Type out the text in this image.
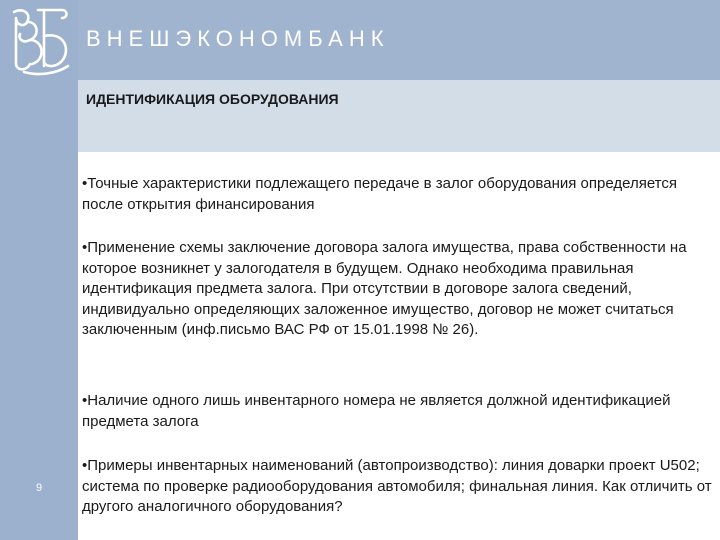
ВНЕШЭКОНОМБАНК
ИДЕНТИФИКАЦИЯ ОБОРУДОВАНИЯ
•Точные характеристики подлежащего передаче в залог оборудования определяется после открытия финансирования
•Применение схемы заключение договора залога имущества, права собственности на которое возникнет у залогодателя в будущем. Однако необходима правильная идентификация предмета залога. При отсутствии в договоре залога сведений, индивидуально определяющих заложенное имущество, договор не может считаться заключенным (инф.письмо ВАС РФ от 15.01.1998 № 26).
•Наличие одного лишь инвентарного номера не является должной идентификацией предмета залога
•Примеры инвентарных наименований (автопроизводство): линия доварки проект U502; система по проверке радиооборудования автомобиля; финальная линия. Как отличить от другого аналогичного оборудования?
9
